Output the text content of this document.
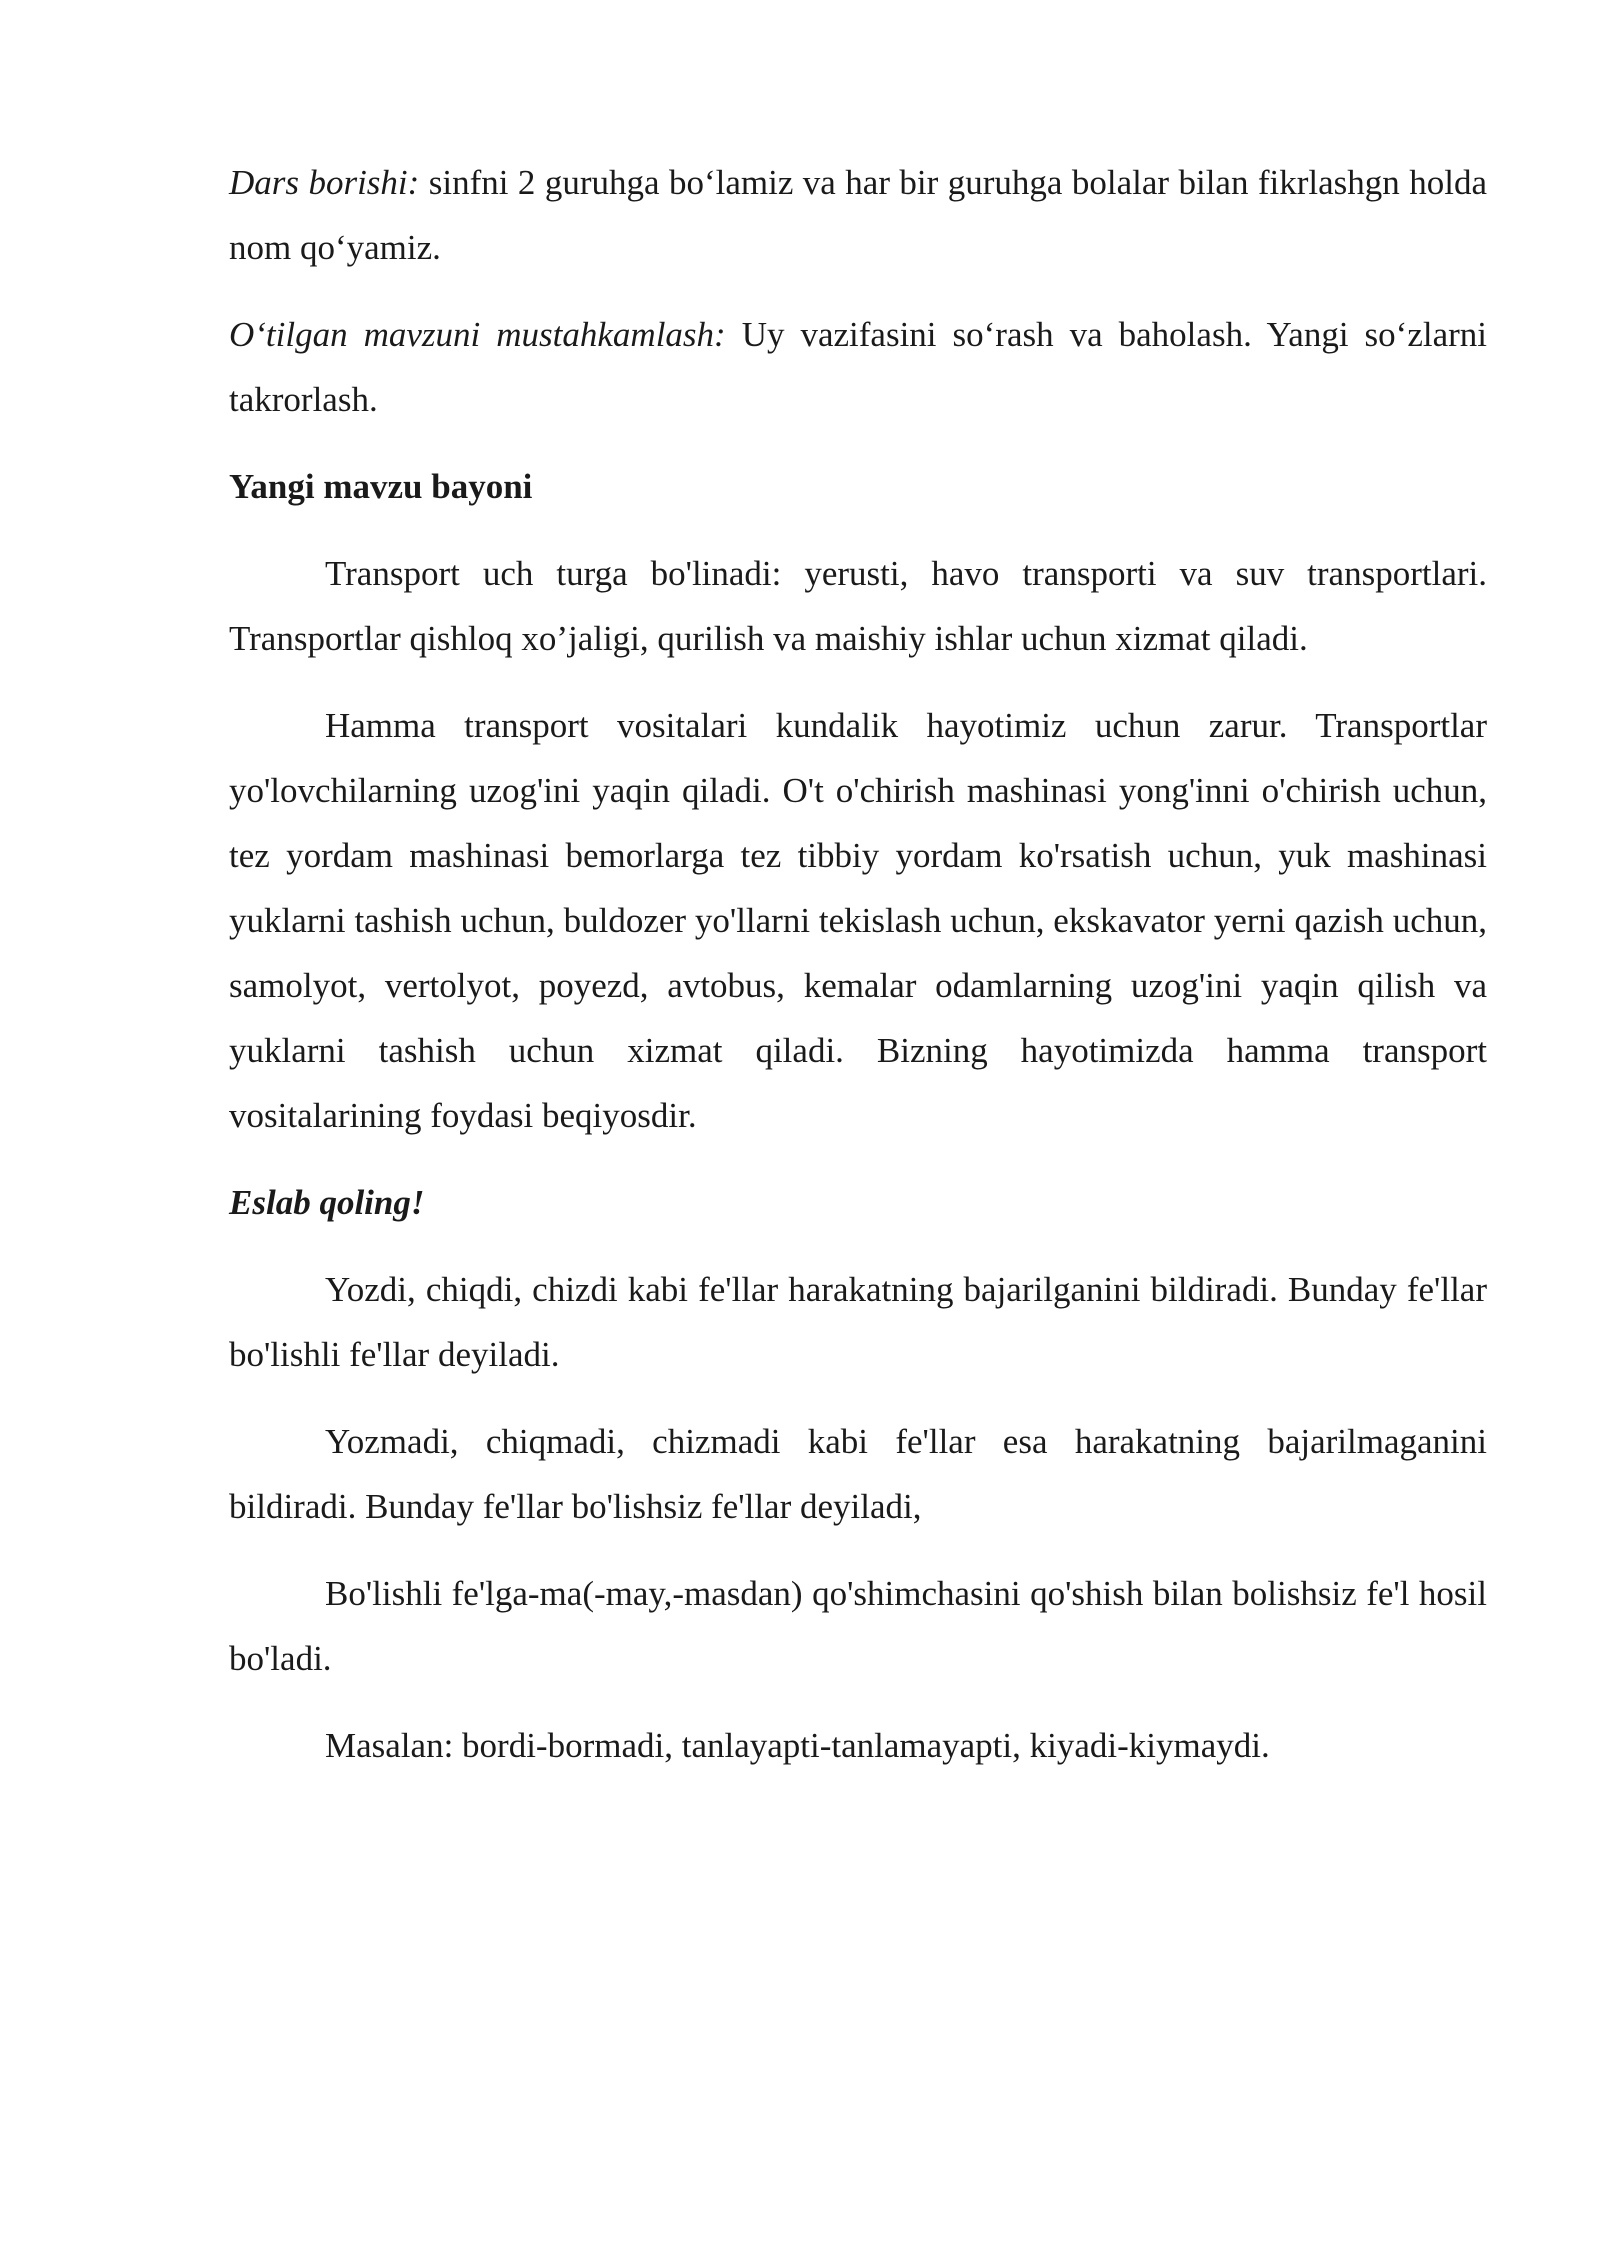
Dars borishi: sinfni 2 guruhga bo‘lamiz va har bir guruhga bolalar bilan fikrlashgn holda nom qo‘yamiz.

O‘tilgan mavzuni mustahkamlash: Uy vazifasini so‘rash va baholash. Yangi so‘zlarni takrorlash.

Yangi mavzu bayoni

Transport uch turga bo'linadi: yerusti, havo transporti va suv transportlari. Transportlar qishloq xo’jaligi, qurilish va maishiy ishlar uchun xizmat qiladi.

Hamma transport vositalari kundalik hayotimiz uchun zarur. Transportlar yo'lovchilarning uzog'ini yaqin qiladi. O't o'chirish mashinasi yong'inni o'chirish uchun, tez yordam mashinasi bemorlarga tez tibbiy yordam ko'rsatish uchun, yuk mashinasi yuklarni tashish uchun, buldozer yo'llarni tekislash uchun, ekskavator yerni qazish uchun, samolyot, vertolyot, poyezd, avtobus, kemalar odamlarning uzog'ini yaqin qilish va yuklarni tashish uchun xizmat qiladi. Bizning hayotimizda hamma transport vositalarining foydasi beqiyosdir.

Eslab qoling!

Yozdi, chiqdi, chizdi kabi fe'llar harakatning bajarilganini bildiradi. Bunday fe'llar bo'lishli fe'llar deyiladi.

Yozmadi, chiqmadi, chizmadi kabi fe'llar esa harakatning bajarilmaganini bildiradi. Bunday fe'llar bo'lishsiz fe'llar deyiladi,

Bo'lishli fe'lga-ma(-may,-masdan) qo'shimchasini qo'shish bilan bolishsiz fe'l hosil bo'ladi.

Masalan: bordi-bormadi, tanlayapti-tanlamayapti, kiyadi-kiymaydi.
